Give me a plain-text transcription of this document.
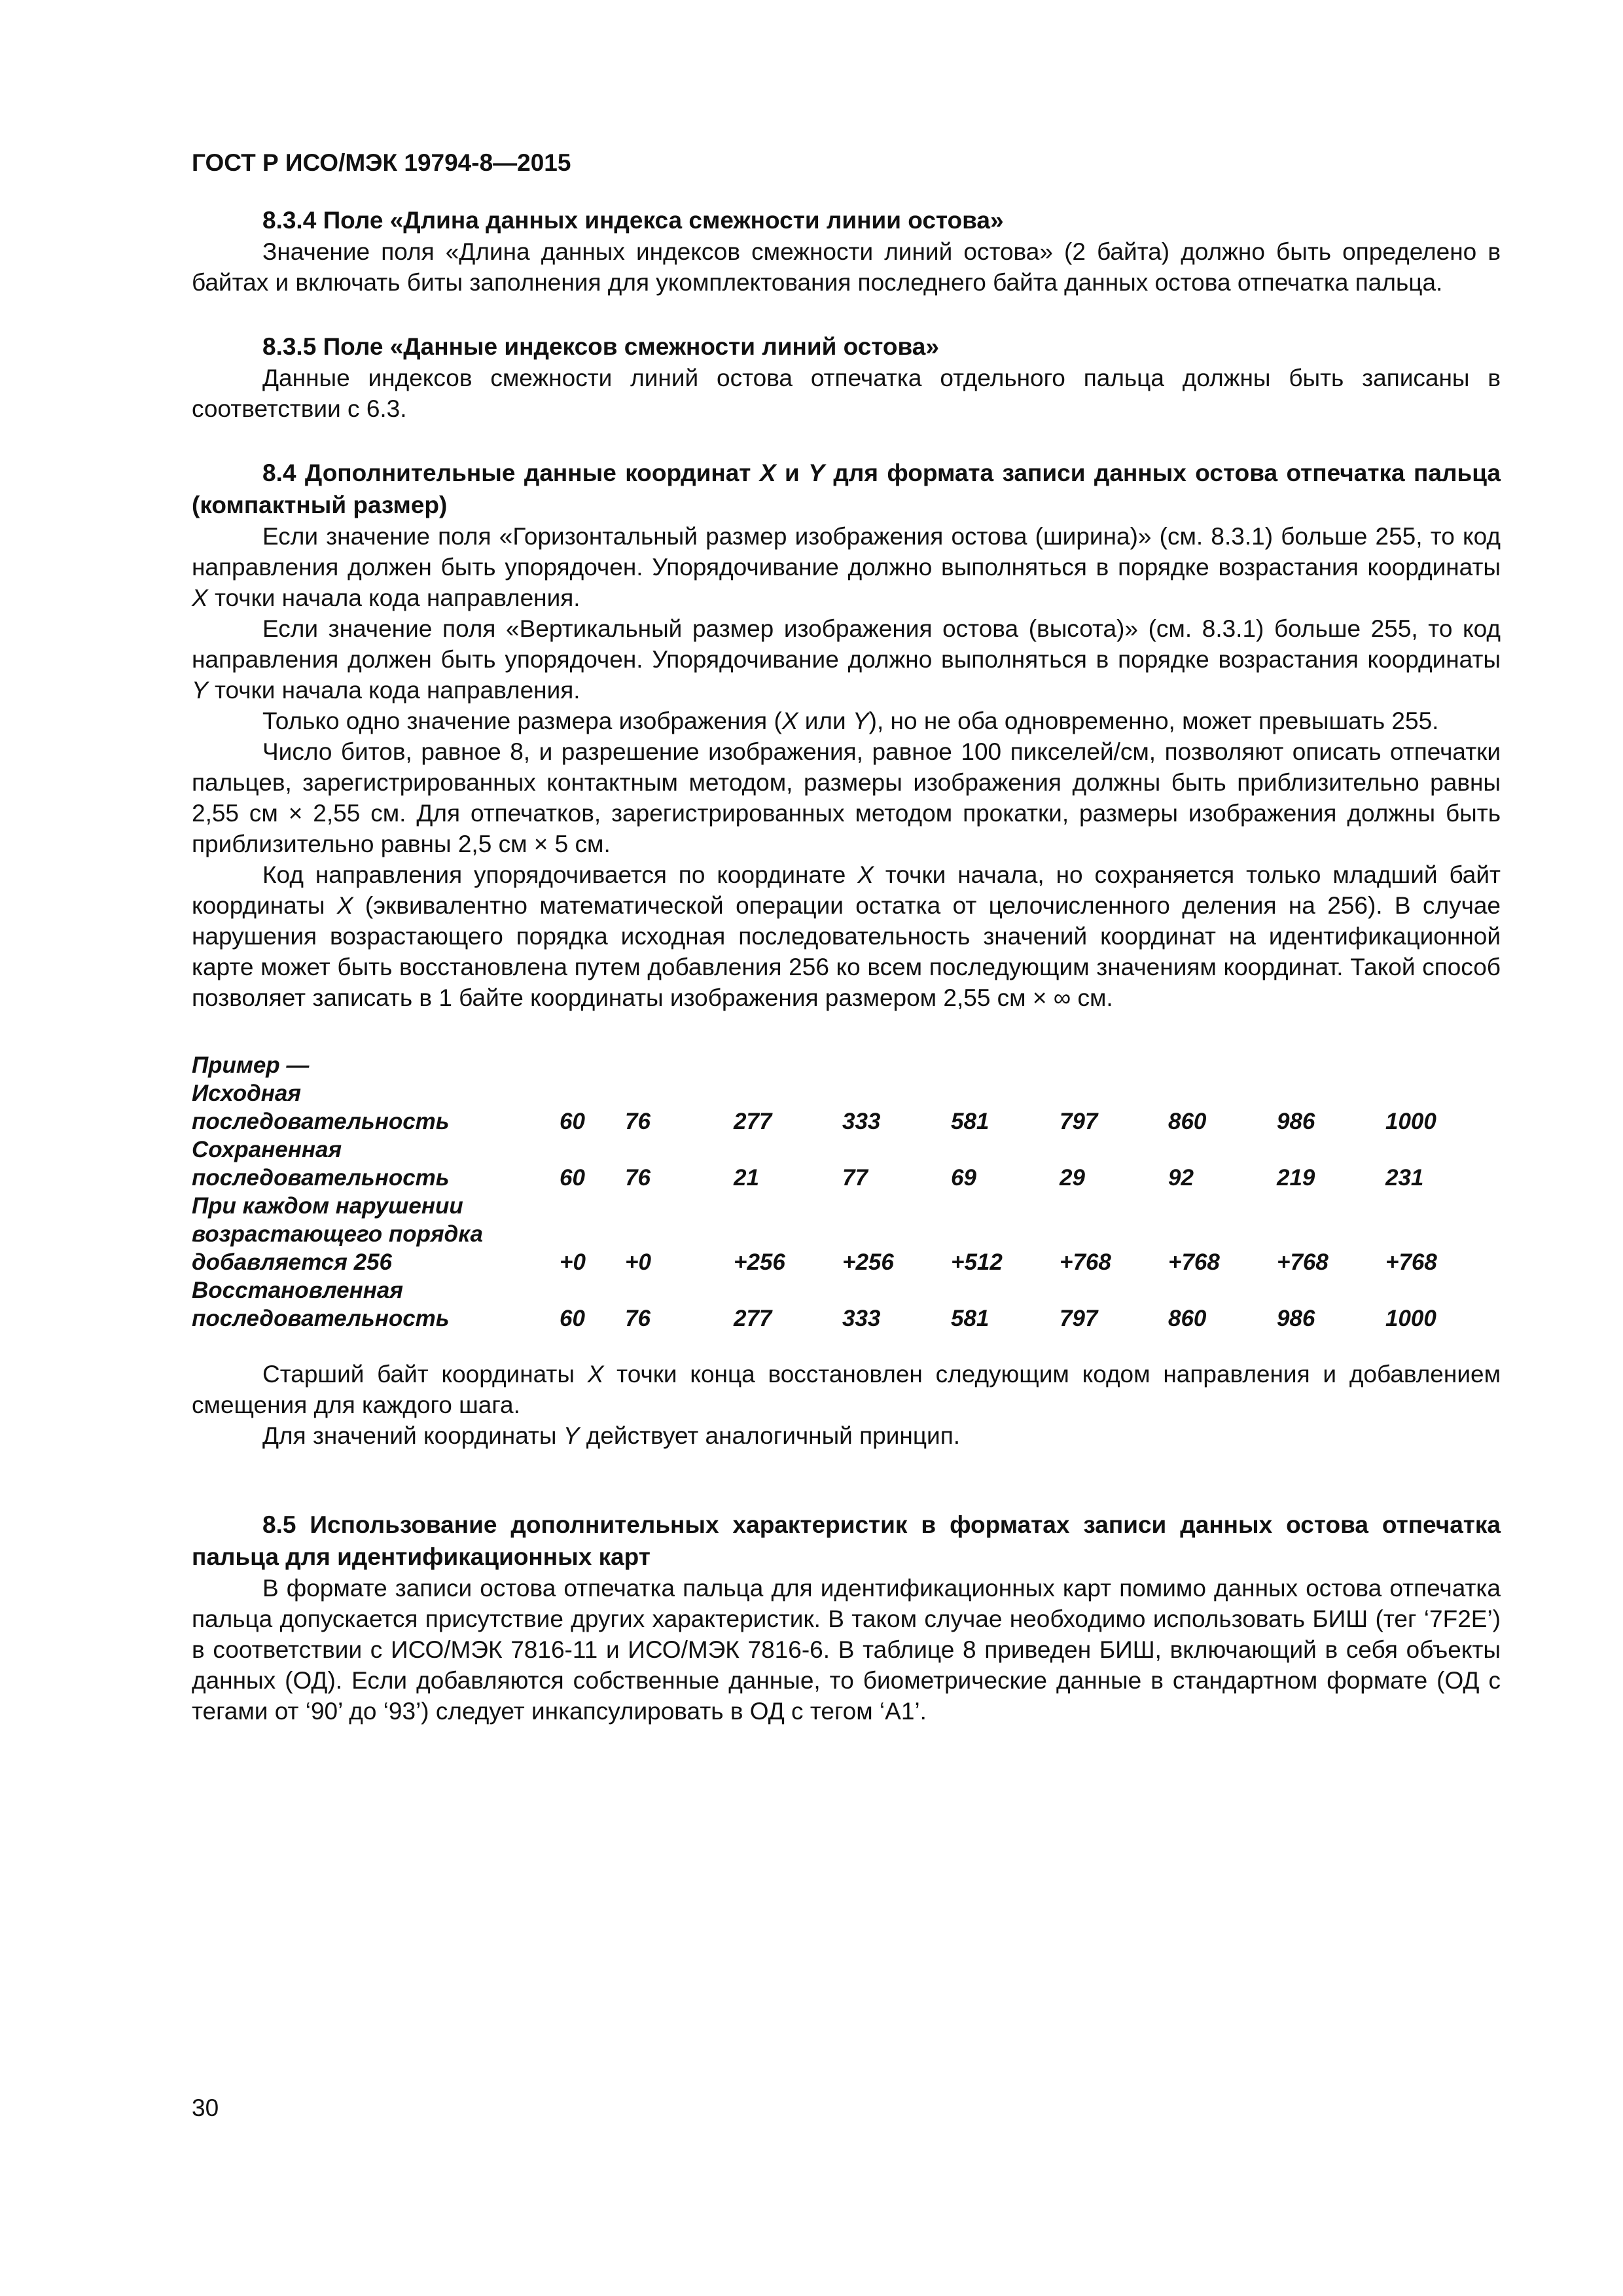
ГОСТ Р ИСО/МЭК 19794-8—2015
8.3.4 Поле «Длина данных индекса смежности линии остова»

Значение поля «Длина данных индексов смежности линий остова» (2 байта) должно быть определено в байтах и включать биты заполнения для укомплектования последнего байта данных остова отпечатка пальца.

8.3.5 Поле «Данные индексов смежности линий остова»

Данные индексов смежности линий остова отпечатка отдельного пальца должны быть записаны в соответствии с 6.3.

8.4 Дополнительные данные координат X и Y для формата записи данных остова отпечатка пальца (компактный размер)

Если значение поля «Горизонтальный размер изображения остова (ширина)» (см. 8.3.1) больше 255, то код направления должен быть упорядочен. Упорядочивание должно выполняться в порядке возрастания координаты X точки начала кода направления.

Если значение поля «Вертикальный размер изображения остова (высота)» (см. 8.3.1) больше 255, то код направления должен быть упорядочен. Упорядочивание должно выполняться в порядке возрастания координаты Y точки начала кода направления.

Только одно значение размера изображения (X или Y), но не оба одновременно, может превышать 255.

Число битов, равное 8, и разрешение изображения, равное 100 пикселей/см, позволяют описать отпечатки пальцев, зарегистрированных контактным методом, размеры изображения должны быть приблизительно равны 2,55 см × 2,55 см. Для отпечатков, зарегистрированных методом прокатки, размеры изображения должны быть приблизительно равны 2,5 см × 5 см.

Код направления упорядочивается по координате X точки начала, но сохраняется только младший байт координаты X (эквивалентно математической операции остатка от целочисленного деления на 256). В случае нарушения возрастающего порядка исходная последовательность значений координат на идентификационной карте может быть восстановлена путем добавления 256 ко всем последующим значениям координат. Такой способ позволяет записать в 1 байте координаты изображения размером 2,55 см × ∞ см.

Пример —									
Исходная последовательность	60	76	277	333	581	797	860	986	1000
Сохраненная последовательность	60	76	21	77	69	29	92	219	231
При каждом нарушении возрастающего порядка добавляется 256	+0	+0	+256	+256	+512	+768	+768	+768	+768
Восстановленная последовательность	60	76	277	333	581	797	860	986	1000

Старший байт координаты X точки конца восстановлен следующим кодом направления и добавлением смещения для каждого шага.

Для значений координаты Y действует аналогичный принцип.

8.5 Использование дополнительных характеристик в форматах записи данных остова отпечатка пальца для идентификационных карт

В формате записи остова отпечатка пальца для идентификационных карт помимо данных остова отпечатка пальца допускается присутствие других характеристик. В таком случае необходимо использовать БИШ (тег ‘7F2E’) в соответствии с ИСО/МЭК 7816-11 и ИСО/МЭК 7816-6. В таблице 8 приведен БИШ, включающий в себя объекты данных (ОД). Если добавляются собственные данные, то биометрические данные в стандартном формате (ОД с тегами от ‘90’ до ‘93’) следует инкапсулировать в ОД с тегом ‘А1’.

30
